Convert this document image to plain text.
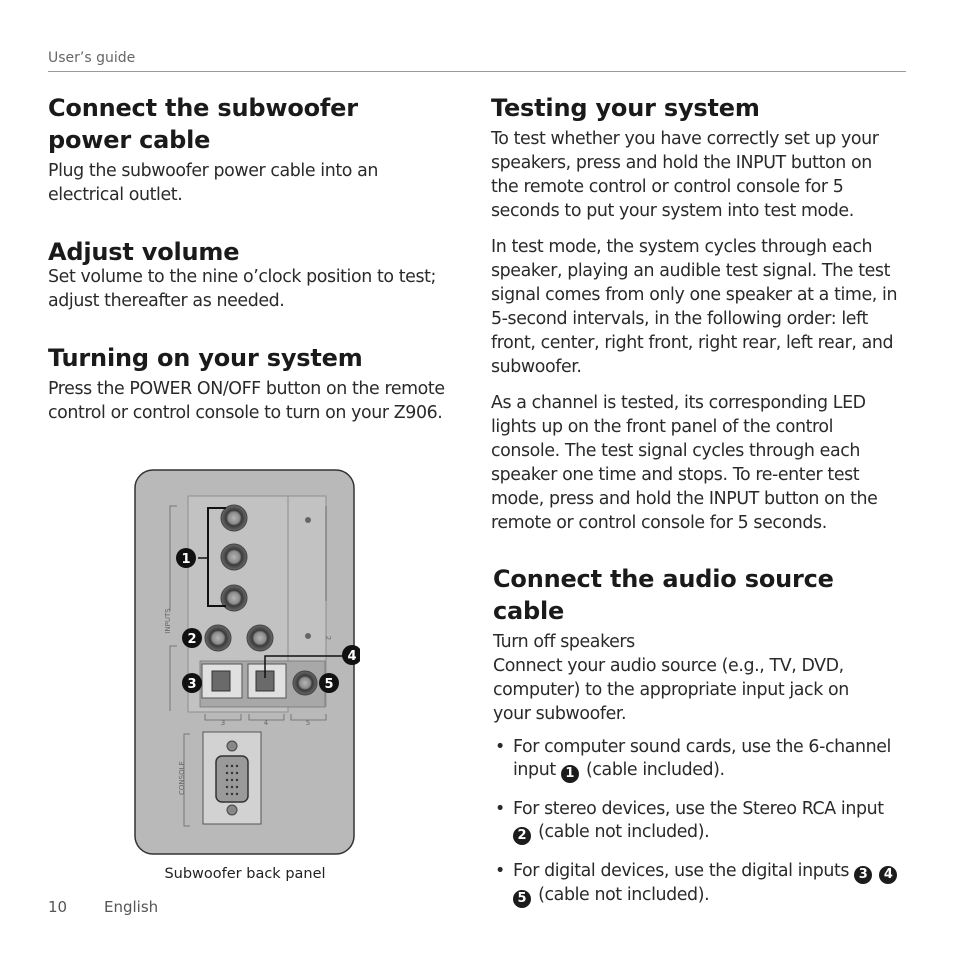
User’s guide
Connect the subwoofer
power cable

Plug the subwoofer power cable into an electrical outlet.

Adjust volume

Set volume to the nine o’clock position to test; adjust thereafter as needed.

Turning on your system

Press the POWER ON/OFF button on the remote control or control console to turn on your Z906.

3	4	5
2
INPUTS
CONSOLE
1
2
3
4
5
Subwoofer back panel
Testing your system

To test whether you have correctly set up your speakers, press and hold the INPUT button on the remote control or control console for 5 seconds to put your system into test mode.

In test mode, the system cycles through each speaker, playing an audible test signal. The test signal comes from only one speaker at a time, in 5-second intervals, in the following order: left front, center, right front, right rear, left rear, and subwoofer.

As a channel is tested, its corresponding LED lights up on the front panel of the control console. The test signal cycles through each speaker one time and stops. To re-enter test mode, press and hold the INPUT button on the remote or control console for 5 seconds.

Connect the audio source cable

Turn off speakers

Connect your audio source (e.g., TV, DVD, computer) to the appropriate input jack on your subwoofer.

• For computer sound cards, use the 6-channel input 1 (cable included).
• For stereo devices, use the Stereo RCA input 2 (cable not included).
• For digital devices, use the digital inputs 3 4 5 (cable not included).
10 English
